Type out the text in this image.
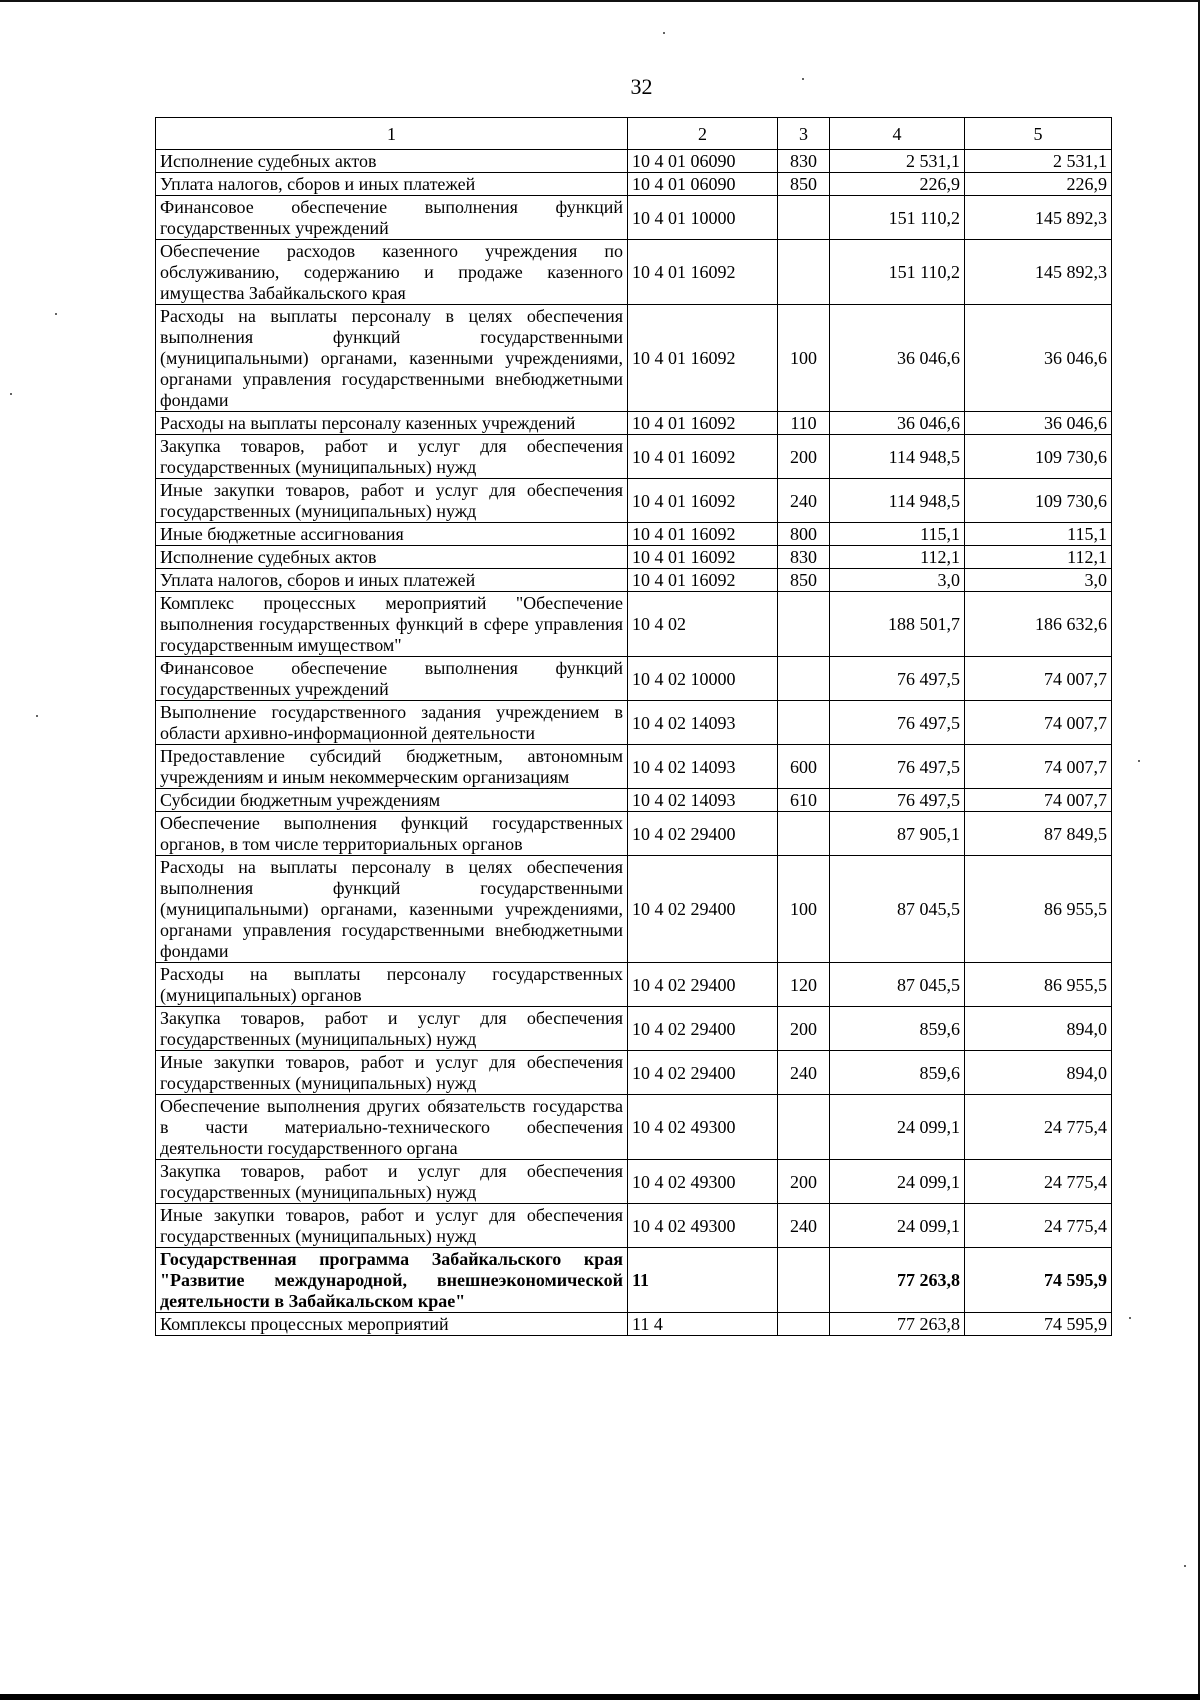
32
1	2	3	4	5
Исполнение судебных актов	10 4 01 06090	830	2 531,1	2 531,1
Уплата налогов, сборов и иных платежей	10 4 01 06090	850	226,9	226,9
Финансовое обеспечение выполнения функций государственных учреждений	10 4 01 10000		151 110,2	145 892,3
Обеспечение расходов казенного учреждения по обслуживанию, содержанию и продаже казенного имущества Забайкальского края	10 4 01 16092		151 110,2	145 892,3
Расходы на выплаты персоналу в целях обеспечения выполнения функций государственными (муниципальными) органами, казенными учреждениями, органами управления государственными внебюджетными фондами	10 4 01 16092	100	36 046,6	36 046,6
Расходы на выплаты персоналу казенных учреждений	10 4 01 16092	110	36 046,6	36 046,6
Закупка товаров, работ и услуг для обеспечения государственных (муниципальных) нужд	10 4 01 16092	200	114 948,5	109 730,6
Иные закупки товаров, работ и услуг для обеспечения государственных (муниципальных) нужд	10 4 01 16092	240	114 948,5	109 730,6
Иные бюджетные ассигнования	10 4 01 16092	800	115,1	115,1
Исполнение судебных актов	10 4 01 16092	830	112,1	112,1
Уплата налогов, сборов и иных платежей	10 4 01 16092	850	3,0	3,0
Комплекс процессных мероприятий "Обеспечение выполнения государственных функций в сфере управления государственным имуществом"	10 4 02		188 501,7	186 632,6
Финансовое обеспечение выполнения функций государственных учреждений	10 4 02 10000		76 497,5	74 007,7
Выполнение государственного задания учреждением в области архивно-информационной деятельности	10 4 02 14093		76 497,5	74 007,7
Предоставление субсидий бюджетным, автономным учреждениям и иным некоммерческим организациям	10 4 02 14093	600	76 497,5	74 007,7
Субсидии бюджетным учреждениям	10 4 02 14093	610	76 497,5	74 007,7
Обеспечение выполнения функций государственных органов, в том числе территориальных органов	10 4 02 29400		87 905,1	87 849,5
Расходы на выплаты персоналу в целях обеспечения выполнения функций государственными (муниципальными) органами, казенными учреждениями, органами управления государственными внебюджетными фондами	10 4 02 29400	100	87 045,5	86 955,5
Расходы на выплаты персоналу государственных (муниципальных) органов	10 4 02 29400	120	87 045,5	86 955,5
Закупка товаров, работ и услуг для обеспечения государственных (муниципальных) нужд	10 4 02 29400	200	859,6	894,0
Иные закупки товаров, работ и услуг для обеспечения государственных (муниципальных) нужд	10 4 02 29400	240	859,6	894,0
Обеспечение выполнения других обязательств государства в части материально-технического обеспечения деятельности государственного органа	10 4 02 49300		24 099,1	24 775,4
Закупка товаров, работ и услуг для обеспечения государственных (муниципальных) нужд	10 4 02 49300	200	24 099,1	24 775,4
Иные закупки товаров, работ и услуг для обеспечения государственных (муниципальных) нужд	10 4 02 49300	240	24 099,1	24 775,4
Государственная программа Забайкальского края "Развитие международной, внешнеэкономической деятельности в Забайкальском крае"	11		77 263,8	74 595,9
Комплексы процессных мероприятий	11 4		77 263,8	74 595,9
